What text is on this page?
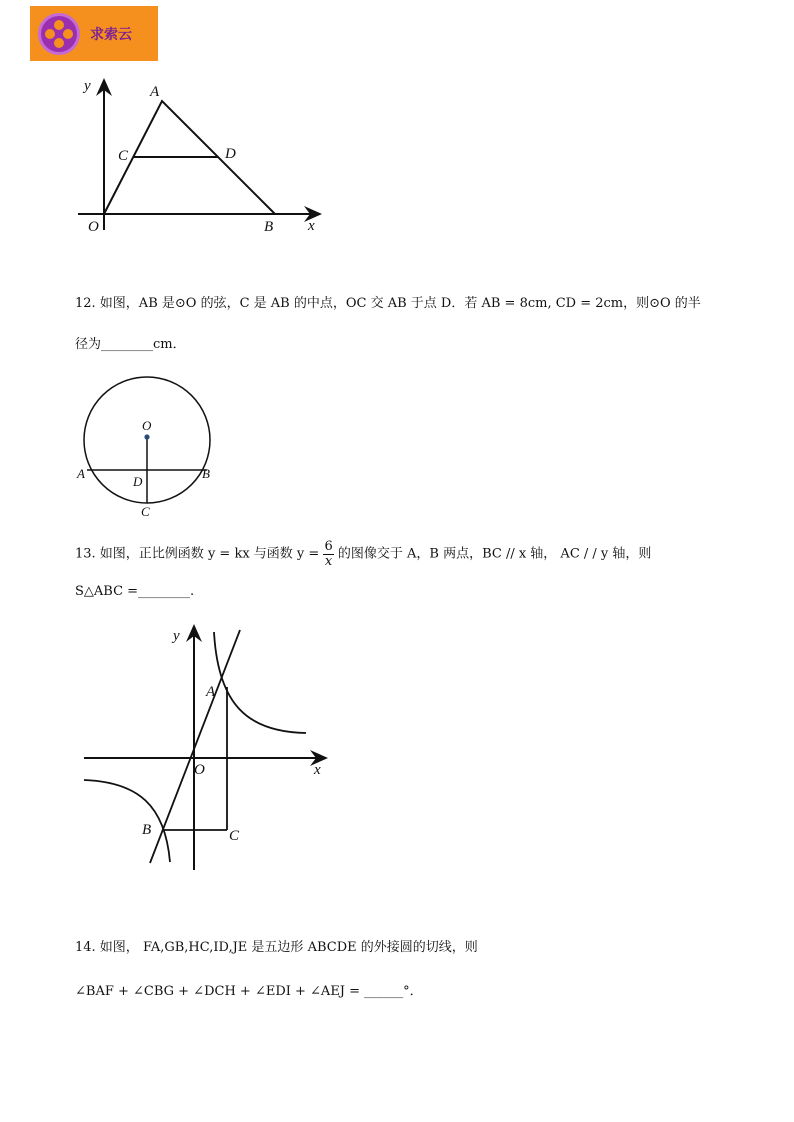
求索云
y
x
O
A
B
C	D
12. 如图，AB 是⊙O 的弦，C 是 AB 的中点，OC 交 AB 于点 D．若 AB = 8cm, CD = 2cm，则⊙O 的半
径为________cm．
O
A	B
D
C
13. 如图，正比例函数 y = kx 与函数 $y = \frac{6}{x}$ 的图像交于 A，B 两点，BC // x 轴， AC / / y 轴，则
S△ABC =________.
y
x
O
A
B	C
14. 如图， FA,GB,HC,ID,JE 是五边形 ABCDE 的外接圆的切线，则
∠BAF + ∠CBG + ∠DCH + ∠EDI + ∠AEJ = ______°．
